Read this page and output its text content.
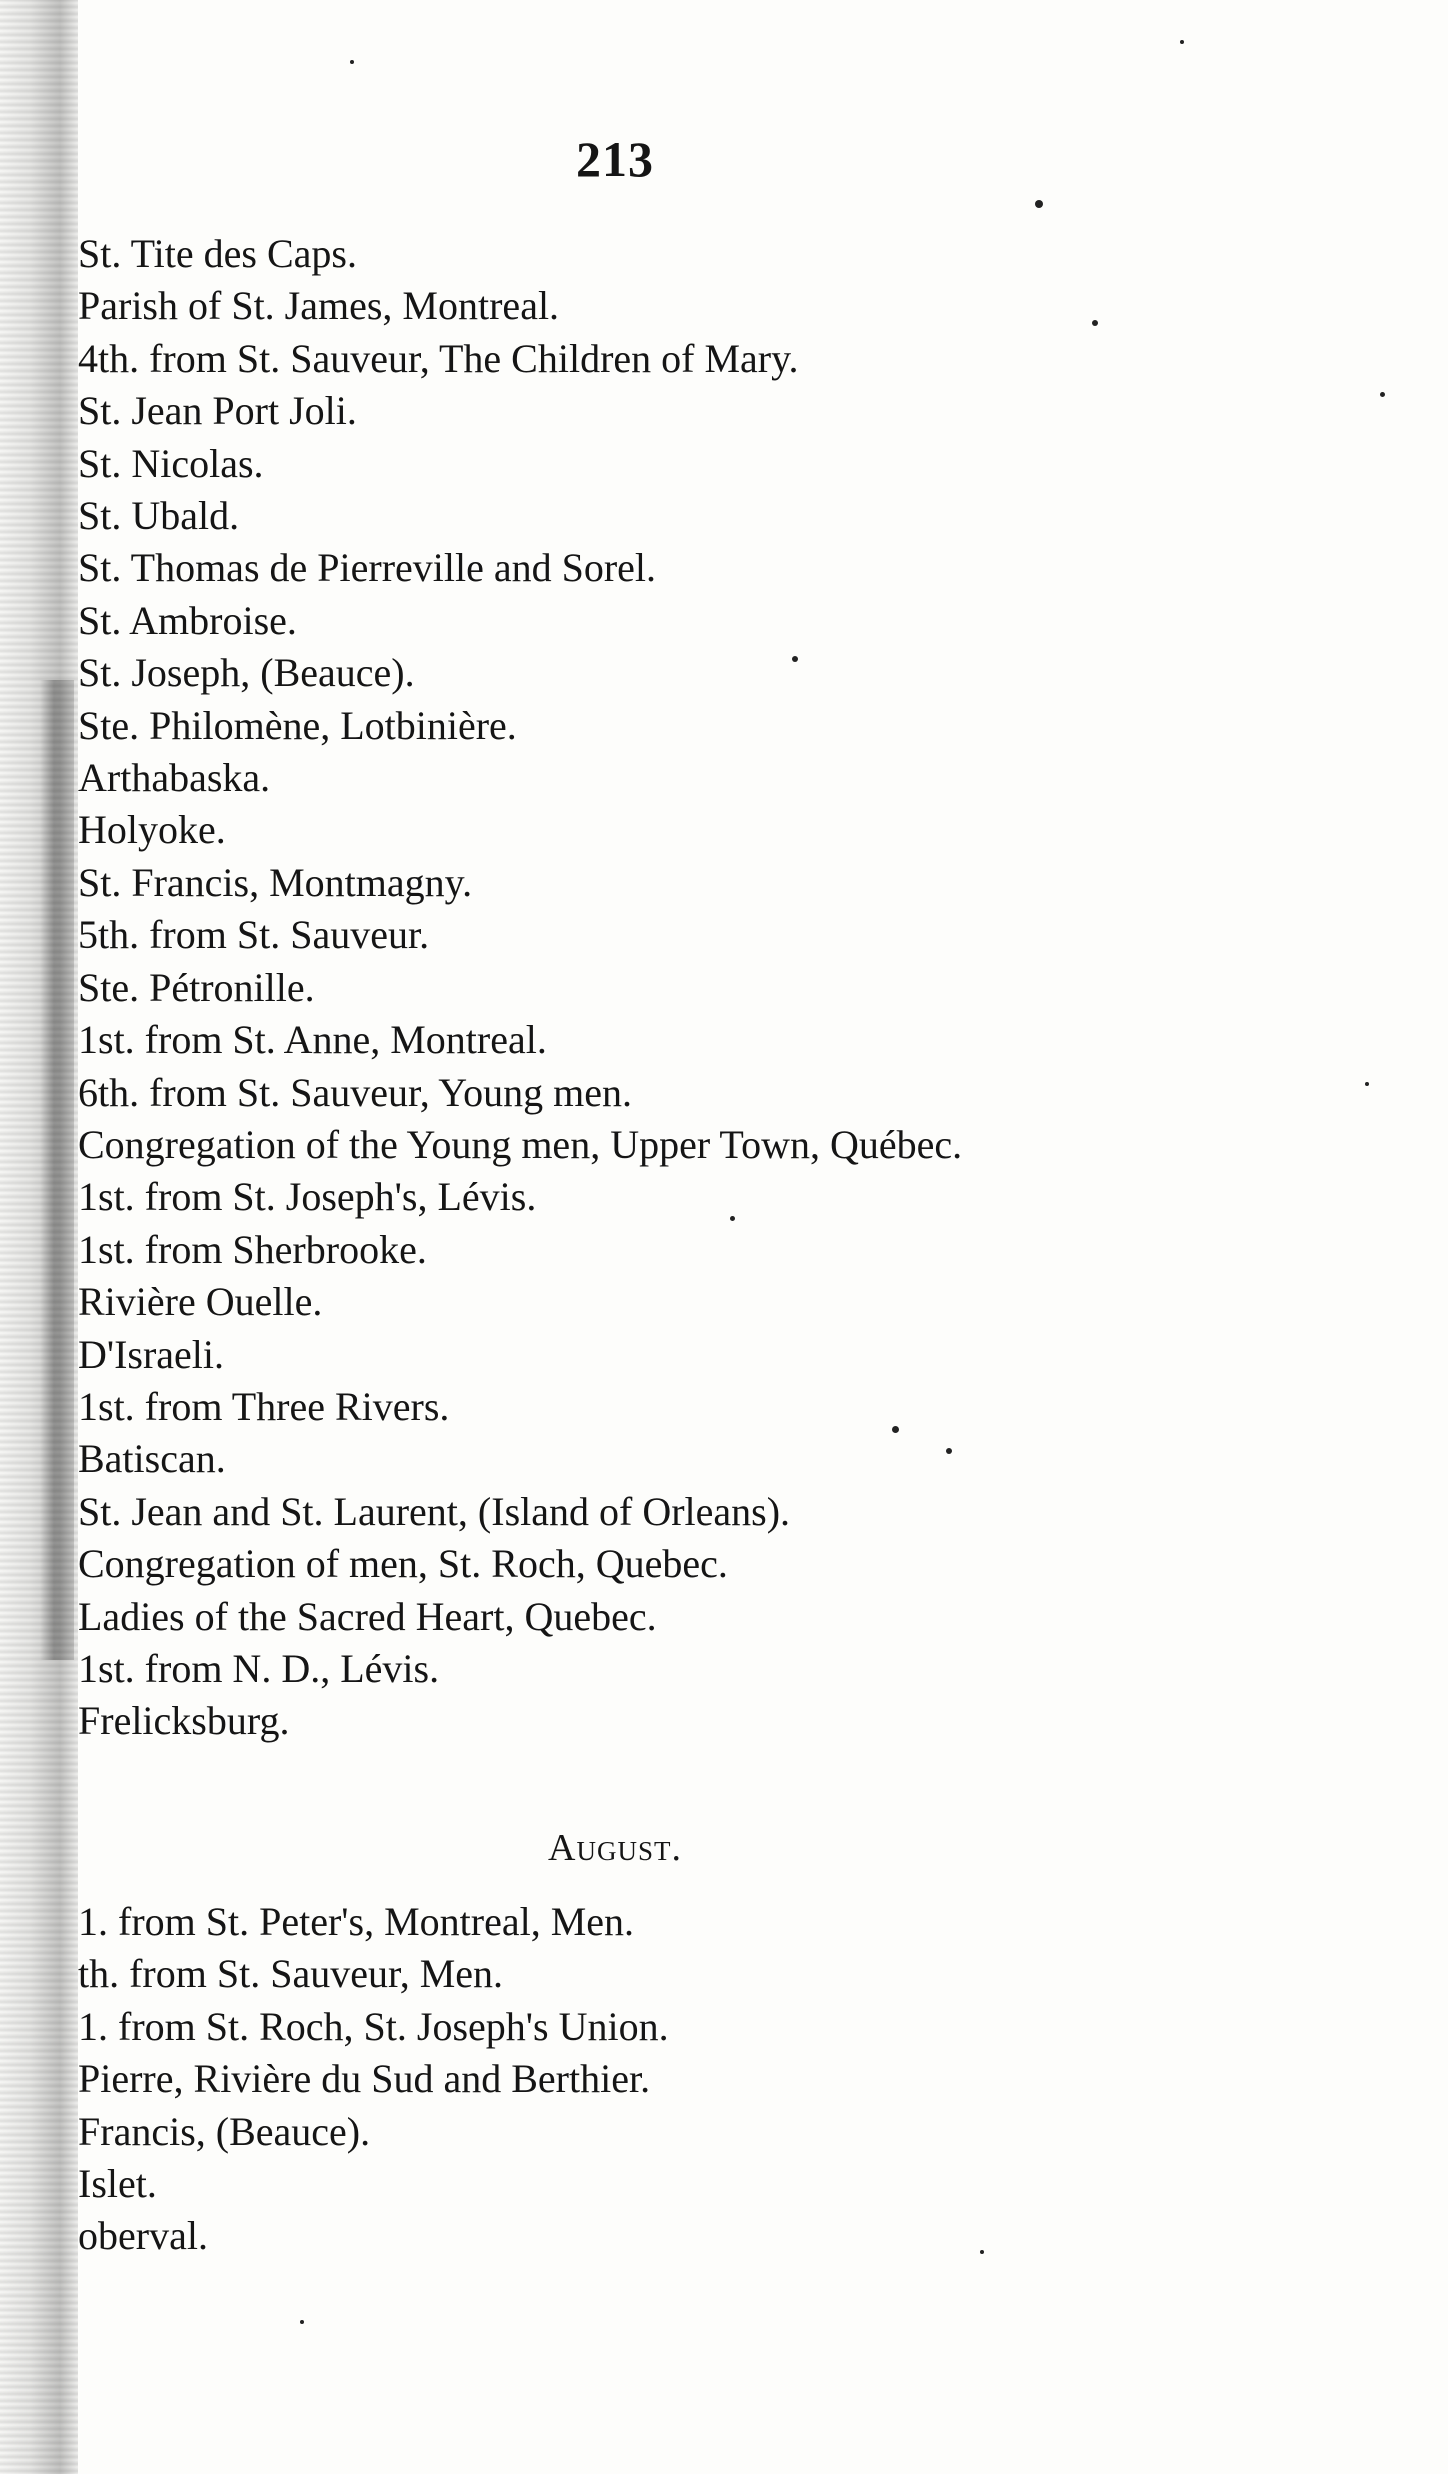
213
St. Tite des Caps.
Parish of St. James, Montreal.
4th. from St. Sauveur, The Children of Mary.
St. Jean Port Joli.
St. Nicolas.
St. Ubald.
St. Thomas de Pierreville and Sorel.
St. Ambroise.
St. Joseph, (Beauce).
Ste. Philomène, Lotbinière.
Arthabaska.
Holyoke.
St. Francis, Montmagny.
5th. from St. Sauveur.
Ste. Pétronille.
1st. from St. Anne, Montreal.
6th. from St. Sauveur, Young men.
Congregation of the Young men, Upper Town, Québec.
1st. from St. Joseph's, Lévis.
1st. from Sherbrooke.
Rivière Ouelle.
D'Israeli.
1st. from Three Rivers.
Batiscan.
St. Jean and St. Laurent, (Island of Orleans).
Congregation of men, St. Roch, Quebec.
Ladies of the Sacred Heart, Quebec.
1st. from N. D., Lévis.
Frelicksburg.
August.
1. from St. Peter's, Montreal, Men.
th. from St. Sauveur, Men.
1. from St. Roch, St. Joseph's Union.
Pierre, Rivière du Sud and Berthier.
Francis, (Beauce).
Islet.
oberval.
